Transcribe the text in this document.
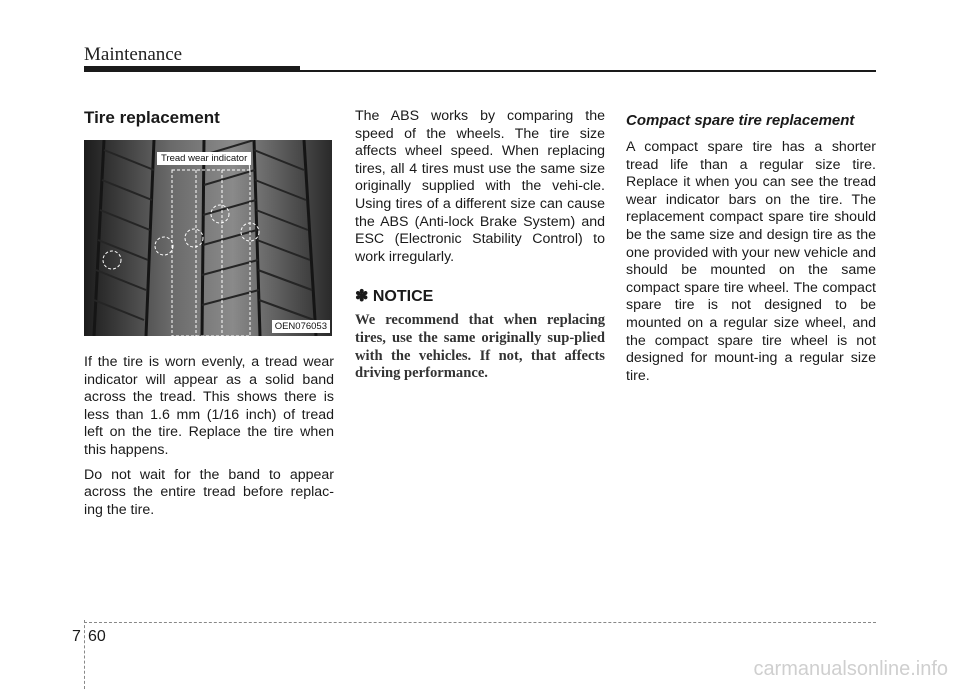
Maintenance
Tire replacement
Tread wear indicator
OEN076053

If the tire is worn evenly, a tread wear indicator will appear as a solid band across the tread. This shows there is less than 1.6 mm (1/16 inch) of tread left on the tire. Replace the tire when this happens.

Do not wait for the band to appear across the entire tread before replac-ing the tire.

The ABS works by comparing the speed of the wheels. The tire size affects wheel speed. When replacing tires, all 4 tires must use the same size originally supplied with the vehi-cle. Using tires of a different size can cause the ABS (Anti-lock Brake System) and ESC (Electronic Stability Control) to work irregularly.

✽ NOTICE

We recommend that when replacing tires, use the same originally sup-plied with the vehicles. If not, that affects driving performance.

Compact spare tire replacement

A compact spare tire has a shorter tread life than a regular size tire. Replace it when you can see the tread wear indicator bars on the tire. The replacement compact spare tire should be the same size and design tire as the one provided with your new vehicle and should be mounted on the same compact spare tire wheel. The compact spare tire is not designed to be mounted on a regular size wheel, and the compact spare tire wheel is not designed for mount-ing a regular size tire.

7 60
carmanualsonline.info
